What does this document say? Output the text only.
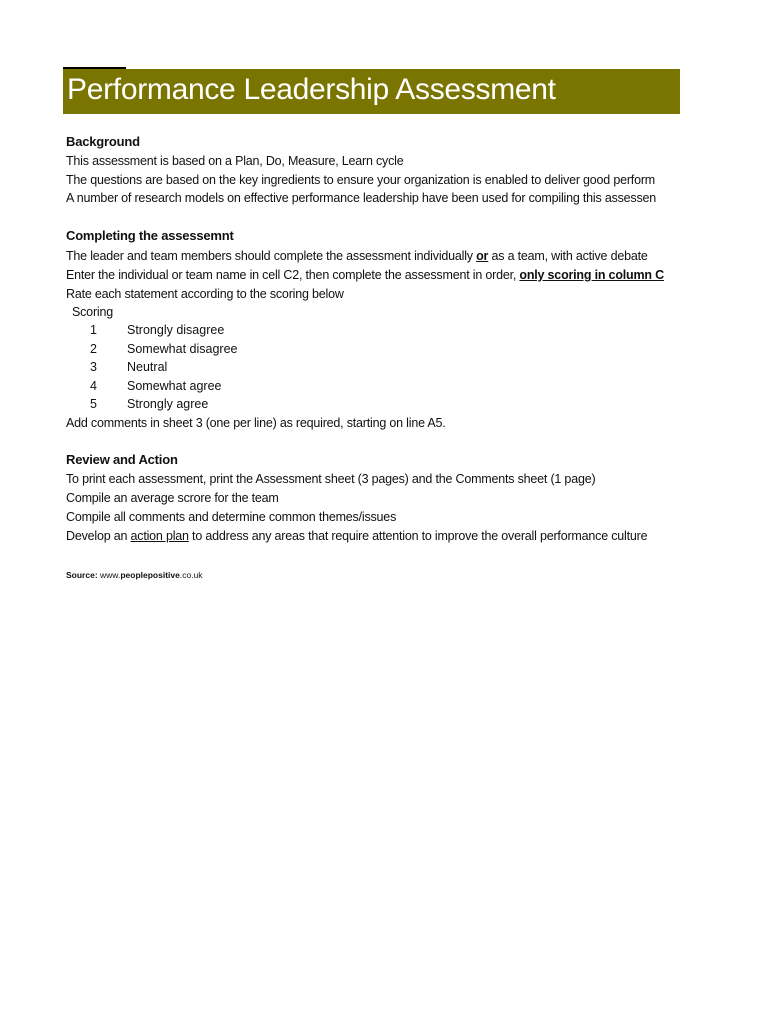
Performance Leadership Assessment
Background
This assessment is based on a Plan, Do, Measure, Learn cycle
The questions are based on the key ingredients to ensure your organization is enabled to deliver good perform
A number of research models on effective performance leadership have been used for compiling this assessen
Completing the assessemnt
The leader and team members should complete the assessment individually or as a team, with active debate
Enter the individual or team name in cell C2, then complete the assessment in order, only scoring in column C
Rate each statement according to the scoring below
Scoring
1 Strongly disagree
2 Somewhat disagree
3 Neutral
4 Somewhat agree
5 Strongly agree
Add comments in sheet 3 (one per line) as required, starting on line A5.
Review and Action
To print each assessment, print the Assessment sheet (3 pages) and the Comments sheet (1 page)
Compile an average scrore for the team
Compile all comments and determine common themes/issues
Develop an action plan to address any areas that require attention to improve the overall performance culture
Source: www.peoplepositive.co.uk
